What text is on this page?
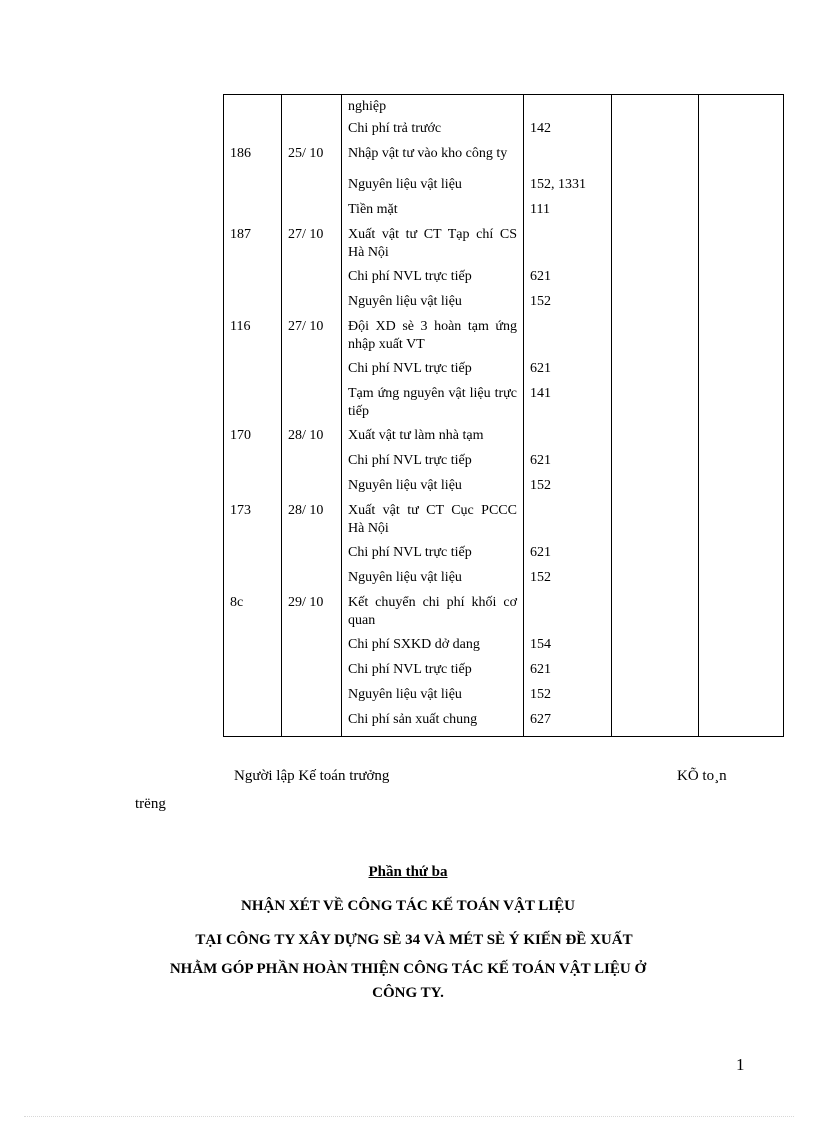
		nghiệp			
		Chi phí trả trước	142		
186	25/ 10	Nhập vật tư vào kho công ty			
		Nguyên liệu vật liệu	152, 1331		
		Tiền mặt	111		
187	27/ 10	Xuất vật tư CT Tạp chí CS Hà Nội			
		Chi phí NVL trực tiếp	621		
		Nguyên liệu vật liệu	152		
116	27/ 10	Đội XD sè 3 hoàn tạm ứng nhập xuất VT			
		Chi phí NVL trực tiếp	621		
		Tạm ứng nguyên vật liệu trực tiếp	141		
170	28/ 10	Xuất vật tư làm nhà tạm			
		Chi phí NVL trực tiếp	621		
		Nguyên liệu vật liệu	152		
173	28/ 10	Xuất vật tư CT Cục PCCC Hà Nội			
		Chi phí NVL trực tiếp	621		
		Nguyên liệu vật liệu	152		
8c	29/ 10	Kết chuyển chi phí khối cơ quan			
		Chi phí SXKD dở dang	154		
		Chi phí NVL trực tiếp	621		
		Nguyên liệu vật liệu	152		
		Chi phí sản xuất chung	627		
Người lập Kế toán trưởng	KÕ to¸n
trëng
Phần thứ ba
NHẬN XÉT VỀ CÔNG TÁC KẾ TOÁN VẬT LIỆU
TẠI CÔNG TY XÂY DỰNG SÈ 34 VÀ MÉT SÈ Ý KIẾN ĐỀ XUẤT
NHẰM GÓP PHẦN HOÀN THIỆN CÔNG TÁC KẾ TOÁN VẬT LIỆU Ở
CÔNG TY.
1
